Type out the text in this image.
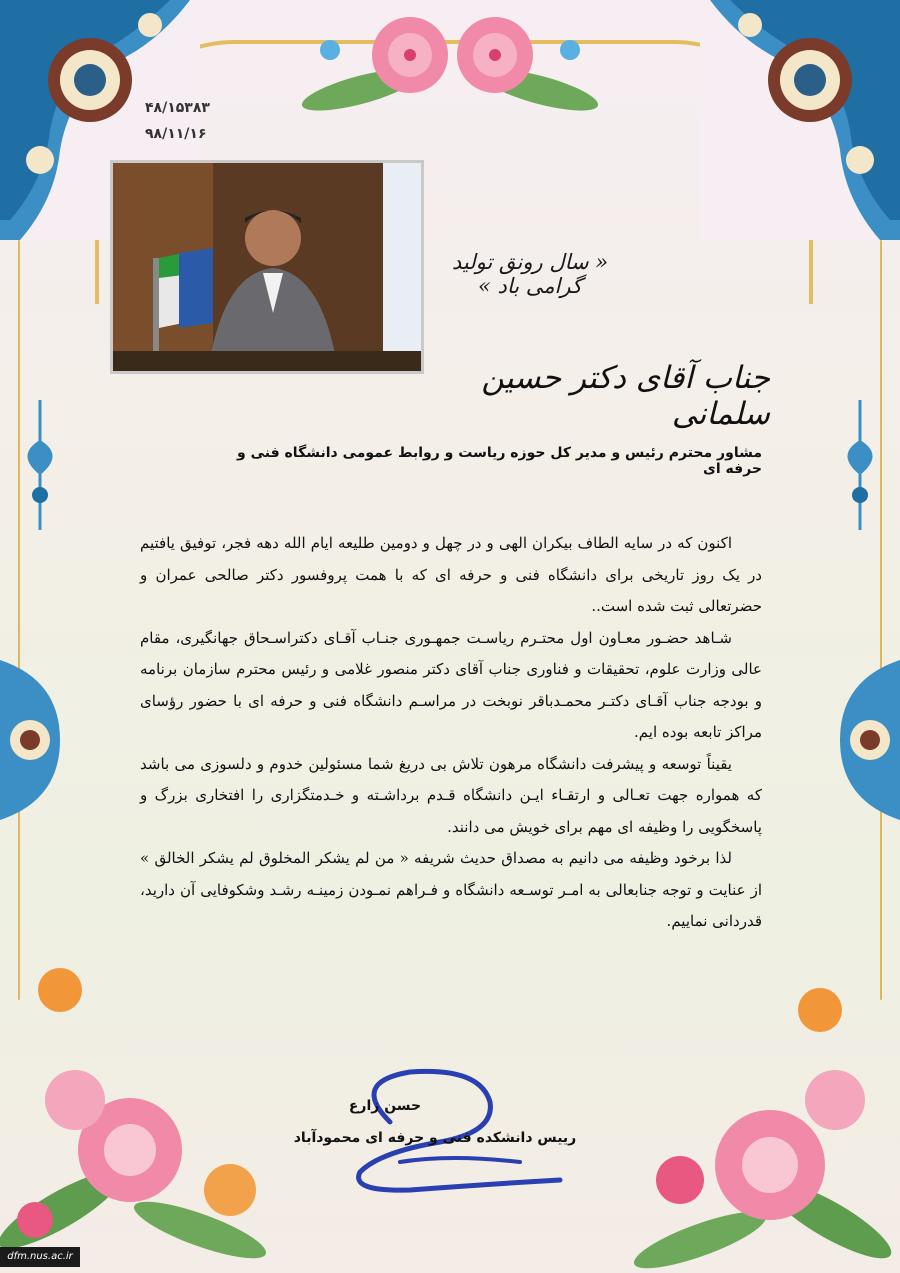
۴۸/۱۵۳۸۳
۹۸/۱۱/۱۶
« سال رونق تولید گرامی باد »
جناب آقای دکتر حسین سلمانی
مشاور محترم رئیس و مدیر کل حوزه ریاست و روابط عمومی دانشگاه فنی و حرفه ای

اکنون که در سایه الطاف بیکران الهی و در چهل و دومین طلیعه ایام الله دهه فجر، توفیق یافتیم در یک روز تاریخی برای دانشگاه فنی و حرفه ای که با همت پروفسور دکتر صالحی عمران و حضرتعالی ثبت شده است..

شـاهد حضـور معـاون اول محتـرم ریاسـت جمهـوری جنـاب آقـای دکتراسـحاق جهانگیری، مقام عالی وزارت علوم، تحقیقات و فناوری جناب آقای دکتر منصور غلامی و رئیس محترم سازمان برنامه و بودجه جناب آقـای دکتـر محمـدباقر نوبخت در مراسـم دانشگاه فنی و حرفه ای با حضور رؤسای مراکز تابعه بوده ایم.

یقیناً توسعه و پیشرفت دانشگاه مرهون تلاش بی دریغ شما مسئولین خدوم و دلسوزی می باشد که همواره جهت تعـالی و ارتقـاء ایـن دانشگاه قـدم برداشـته و خـدمتگزاری را افتخاری بزرگ و پاسخگویی را وظیفه ای مهم برای خویش می دانند.

لذا برخود وظیفه می دانیم به مصداق حدیث شریفه « من لم یشکر المخلوق لم یشکر الخالق » از عنایت و توجه جنابعالی به امـر توسـعه دانشگاه و فـراهم نمـودن زمینـه رشـد وشکوفایی آن دارید، قدردانی نماییم.

حسن زارع
رییس دانشکده فنی و حرفه ای محمودآباد
dfm.nus.ac.ir
